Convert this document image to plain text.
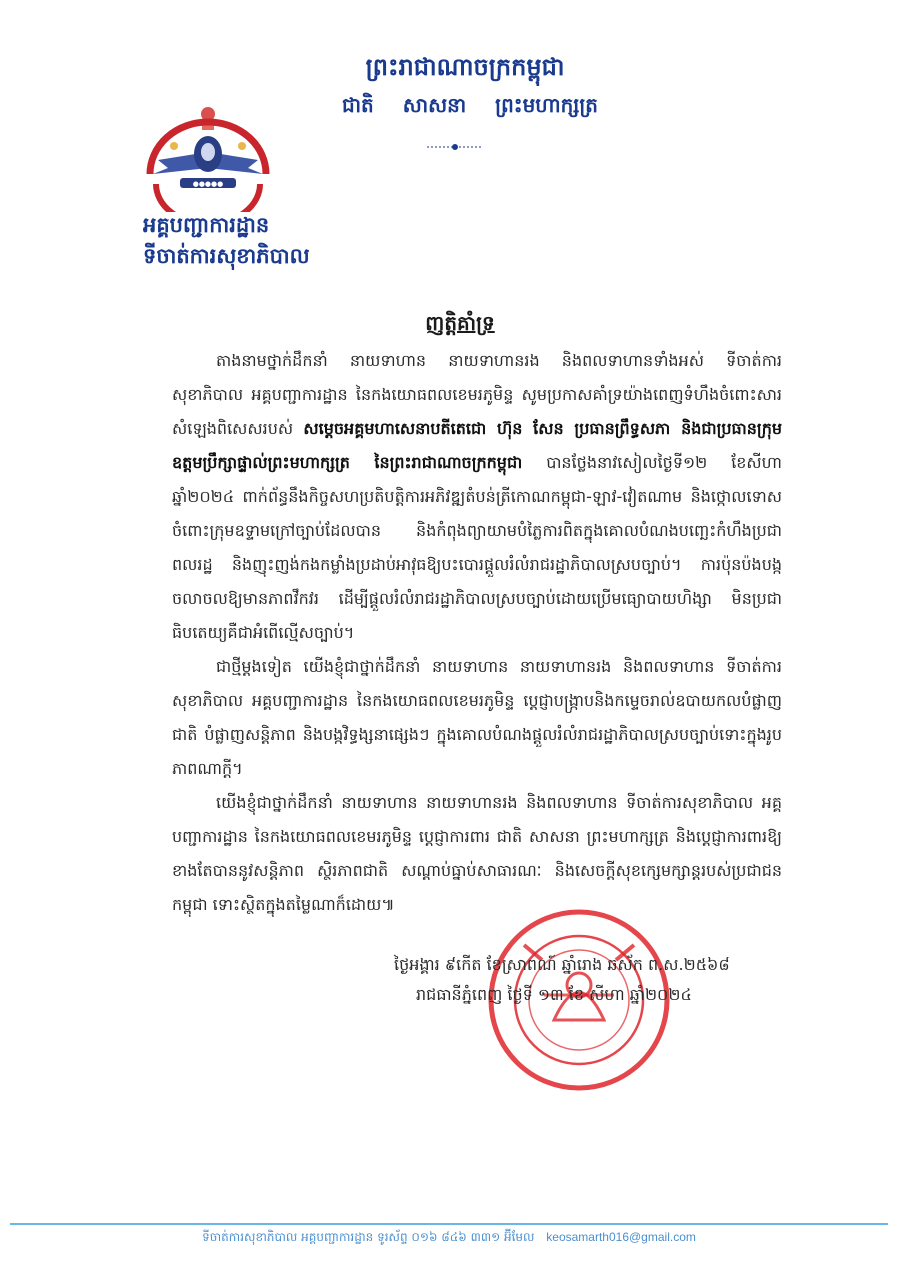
ព្រះរាជាណាចក្រកម្ពុជា
ជាតិ សាសនា ព្រះមហាក្សត្រ
●●●●●
អគ្គបញ្ជាការដ្ឋាន
ទីចាត់ការសុខាភិបាល
ញត្តិគាំទ្រ

តាងនាមថ្នាក់ដឹកនាំ នាយទាហាន នាយទាហានរង និងពលទាហានទាំងអស់ ទីចាត់ការសុខាភិបាល អគ្គបញ្ជាការដ្ឋាន នៃកងយោធពលខេមរភូមិន្ទ សូមប្រកាសគាំទ្រយ៉ាងពេញទំហឹងចំពោះសារសំឡេងពិសេសរបស់ សម្តេចអគ្គមហាសេនាបតីតេជោ ហ៊ុន សែន ប្រធានព្រឹទ្ធសភា និងជាប្រធានក្រុមឧត្តមប្រឹក្សាផ្ទាល់ព្រះមហាក្សត្រ នៃព្រះរាជាណាចក្រកម្ពុជា បានថ្លែងនាវសៀលថ្ងៃទី១២ ខែសីហា ឆ្នាំ២០២៤ ពាក់ព័ន្ធនឹងកិច្ចសហប្រតិបត្តិការអភិវឌ្ឍតំបន់ត្រីកោណកម្ពុជា-ឡាវ-វៀតណាម និងថ្កោលទោសចំពោះក្រុមឧទ្ទាមក្រៅច្បាប់ដែលបាន និងកំពុងព្យាយាមបំភ្លៃការពិតក្នុងគោលបំណងបញ្ឆេះកំហឹងប្រជាពលរដ្ឋ និងញុះញង់កងកម្លាំងប្រដាប់អាវុធឱ្យបះបោរផ្តួលរំលំរាជរដ្ឋាភិបាលស្របច្បាប់។ ការប៉ុនប៉ងបង្កចលាចលឱ្យមានភាពវឹកវរ ដើម្បីផ្តួលរំលំរាជរដ្ឋាភិបាលស្របច្បាប់ដោយប្រើមធ្យោបាយហិង្សា មិនប្រជាធិបតេយ្យគឺជាអំពើល្មើសច្បាប់។

ជាថ្មីម្តងទៀត យើងខ្ញុំជាថ្នាក់ដឹកនាំ នាយទាហាន នាយទាហានរង និងពលទាហាន ទីចាត់ការសុខាភិបាល អគ្គបញ្ជាការដ្ឋាន នៃកងយោធពលខេមរភូមិន្ទ ប្តេជ្ញាបង្ក្រាបនិងកម្ទេចរាល់ឧបាយកលបំផ្លាញជាតិ បំផ្លាញសន្តិភាព និងបង្កវិទ្ធង្សនាផ្សេងៗ ក្នុងគោលបំណងផ្តួលរំលំរាជរដ្ឋាភិបាលស្របច្បាប់ទោះក្នុងរូបភាពណាក្តី។

យើងខ្ញុំជាថ្នាក់ដឹកនាំ នាយទាហាន នាយទាហានរង និងពលទាហាន ទីចាត់ការសុខាភិបាល អគ្គបញ្ជាការដ្ឋាន នៃកងយោធពលខេមរភូមិន្ទ ប្តេជ្ញាការពារ ជាតិ សាសនា ព្រះមហាក្សត្រ និងប្តេជ្ញាការពារឱ្យខាងតែបាននូវសន្តិភាព ស្ថិរភាពជាតិ សណ្តាប់ធ្នាប់សាធារណៈ និងសេចក្តីសុខក្សេមក្សាន្តរបស់ប្រជាជនកម្ពុជា ទោះស្ថិតក្នុងតម្លៃណាក៏ដោយ៕

ថ្ងៃអង្គារ ៩កើត ខែស្រាពណ៍ ឆ្នាំរោង ឆស័ក ព.ស.២៥៦៨
រាជធានីភ្នំពេញ ថ្ងៃទី ១៣ ខែ សីហា ឆ្នាំ២០២៤
ទីចាត់ការសុខាភិបាល អគ្គបញ្ជាការដ្ឋាន ទូរស័ព្ទ ០១៦ ៨៤៦ ៣៣១ អ៊ីមែល keosamarth016@gmail.com
